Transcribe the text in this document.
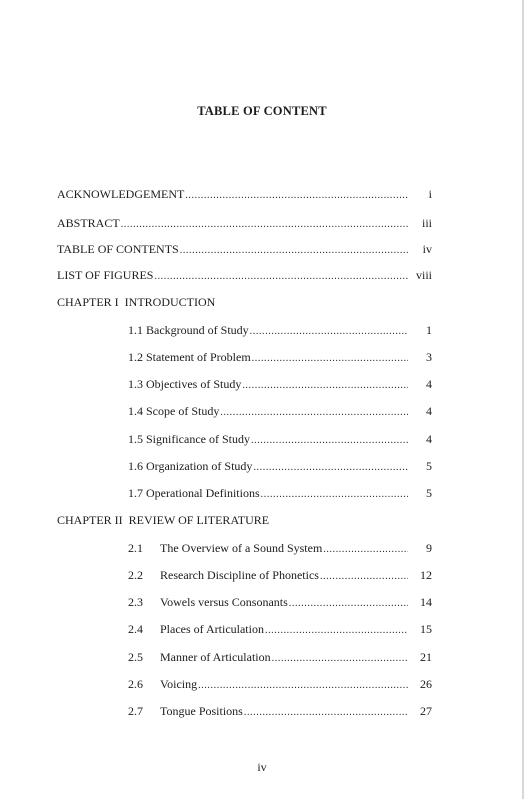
TABLE OF CONTENT
ACKNOWLEDGEMENT .....	i
ABSTRACT .....	iii
TABLE OF CONTENTS .....	iv
LIST OF FIGURES .....	viii
CHAPTER I INTRODUCTION
1.1 Background of Study .....	1
1.2 Statement of Problem .....	3
1.3 Objectives of Study .....	4
1.4 Scope of Study .....	4
1.5 Significance of Study .....	4
1.6 Organization of Study .....	5
1.7 Operational Definitions .....	5
CHAPTER II REVIEW OF LITERATURE
2.1	The Overview of a Sound System .....	9
2.2	Research Discipline of Phonetics .....	12
2.3	Vowels versus Consonants .....	14
2.4	Places of Articulation .....	15
2.5	Manner of Articulation .....	21
2.6	Voicing .....	26
2.7	Tongue Positions .....	27
iv
